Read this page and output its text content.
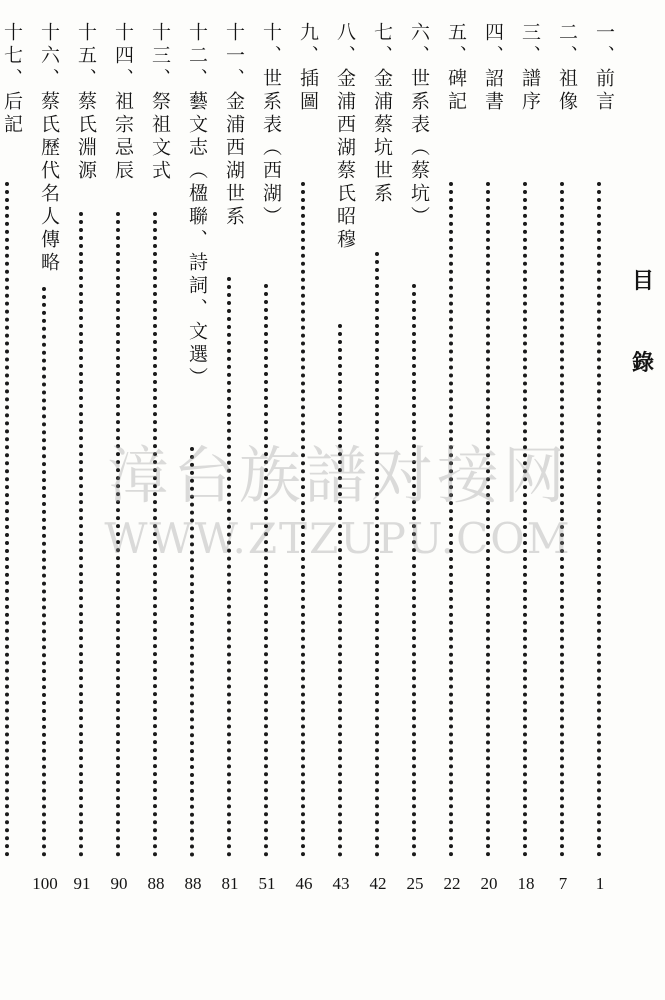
目
錄
一、前言
1
二、祖像
7
三、譜序
18
四、詔書
20
五、碑記
22
六、世系表（蔡坑）
25
七、金浦蔡坑世系
42
八、金浦西湖蔡氏昭穆
43
九、插圖
46
十、世系表（西湖）
51
十一、金浦西湖世系
81
十二、藝文志（楹聯、詩詞、文選）
88
十三、祭祖文式
88
十四、祖宗忌辰
90
十五、蔡氏淵源
91
十六、蔡氏歷代名人傳略
100
十七、后記
漳台族譜对接网
WWW.ZTZUPU.COM
